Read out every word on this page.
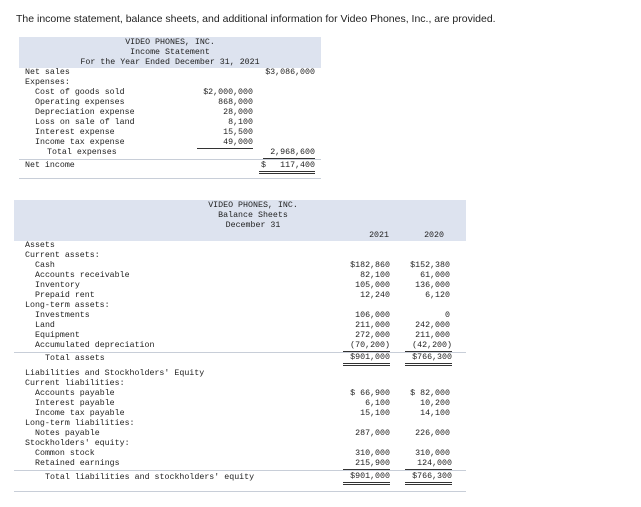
The income statement, balance sheets, and additional information for Video Phones, Inc., are provided.
VIDEO PHONES, INC.
Income Statement
For the Year Ended December 31, 2021
Net sales	$3,086,000
Expenses:
Cost of goods sold	$2,000,000
Operating expenses	868,000
Depreciation expense	28,000
Loss on sale of land	8,100
Interest expense	15,500
Income tax expense	49,000
Total expenses	2,968,600
Net income	$	117,400
VIDEO PHONES, INC.
Balance Sheets
December 31
2021	2020
Assets
Current assets:
Cash	$182,860	$152,380
Accounts receivable	82,100	61,000
Inventory	105,000	136,000
Prepaid rent	12,240	6,120
Long-term assets:
Investments	106,000	0
Land	211,000	242,000
Equipment	272,000	211,000
Accumulated depreciation	(70,200)	(42,200)
Total assets	$901,000	$766,300
Liabilities and Stockholders' Equity
Current liabilities:
Accounts payable	$ 66,900	$ 82,000
Interest payable	6,100	10,200
Income tax payable	15,100	14,100
Long-term liabilities:
Notes payable	287,000	226,000
Stockholders' equity:
Common stock	310,000	310,000
Retained earnings	215,900	124,000
Total liabilities and stockholders' equity	$901,000	$766,300
